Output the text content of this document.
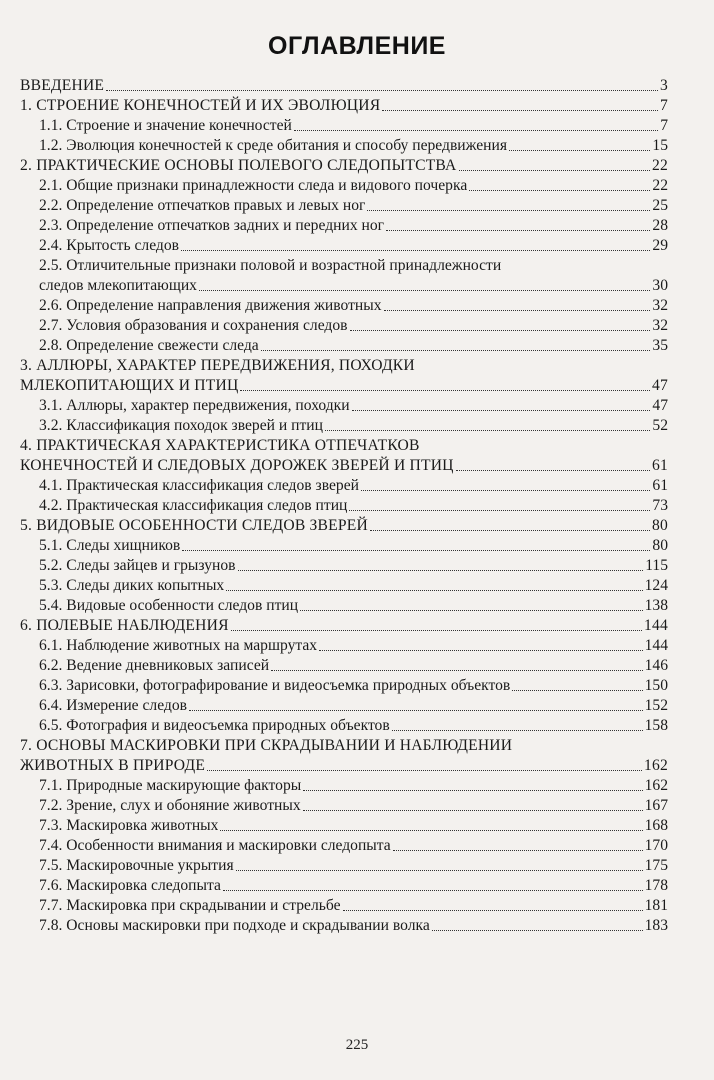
ОГЛАВЛЕНИЕ
ВВЕДЕНИЕ	3
1. СТРОЕНИЕ КОНЕЧНОСТЕЙ И ИХ ЭВОЛЮЦИЯ	7
1.1. Строение и значение конечностей	7
1.2. Эволюция конечностей к среде обитания и способу передвижения	15
2. ПРАКТИЧЕСКИЕ ОСНОВЫ ПОЛЕВОГО СЛЕДОПЫТСТВА	22
2.1. Общие признаки принадлежности следа и видового почерка	22
2.2. Определение отпечатков правых и левых ног	25
2.3. Определение отпечатков задних и передних ног	28
2.4. Крытость следов	29
2.5. Отличительные признаки половой и возрастной принадлежности
следов млекопитающих	30
2.6. Определение направления движения животных	32
2.7. Условия образования и сохранения следов	32
2.8. Определение свежести следа	35
3. АЛЛЮРЫ, ХАРАКТЕР ПЕРЕДВИЖЕНИЯ, ПОХОДКИ
МЛЕКОПИТАЮЩИХ И ПТИЦ	47
3.1. Аллюры, характер передвижения, походки	47
3.2. Классификация походок зверей и птиц	52
4. ПРАКТИЧЕСКАЯ ХАРАКТЕРИСТИКА ОТПЕЧАТКОВ
КОНЕЧНОСТЕЙ И СЛЕДОВЫХ ДОРОЖЕК ЗВЕРЕЙ И ПТИЦ	61
4.1. Практическая классификация следов зверей	61
4.2. Практическая классификация следов птиц	73
5. ВИДОВЫЕ ОСОБЕННОСТИ СЛЕДОВ ЗВЕРЕЙ	80
5.1. Следы хищников	80
5.2. Следы зайцев и грызунов	115
5.3. Следы диких копытных	124
5.4. Видовые особенности следов птиц	138
6. ПОЛЕВЫЕ НАБЛЮДЕНИЯ	144
6.1. Наблюдение животных на маршрутах	144
6.2. Ведение дневниковых записей	146
6.3. Зарисовки, фотографирование и видеосъемка природных объектов	150
6.4. Измерение следов	152
6.5. Фотография и видеосъемка природных объектов	158
7. ОСНОВЫ МАСКИРОВКИ ПРИ СКРАДЫВАНИИ И НАБЛЮДЕНИИ
ЖИВОТНЫХ В ПРИРОДЕ	162
7.1. Природные маскирующие факторы	162
7.2. Зрение, слух и обоняние животных	167
7.3. Маскировка животных	168
7.4. Особенности внимания и маскировки следопыта	170
7.5. Маскировочные укрытия	175
7.6. Маскировка следопыта	178
7.7. Маскировка при скрадывании и стрельбе	181
7.8. Основы маскировки при подходе и скрадывании волка	183
225
